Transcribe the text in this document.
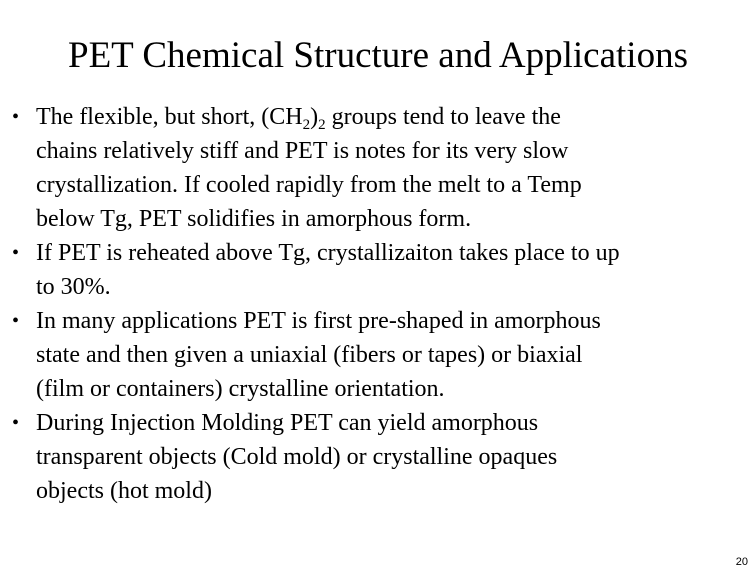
PET Chemical Structure and Applications
• The flexible, but short, $(CH_2)_2$ groups tend to leave the
chains relatively stiff and PET is notes for its very slow
crystallization. If cooled rapidly from the melt to a Temp
below Tg, PET solidifies in amorphous form.
• If PET is reheated above Tg, crystallizaiton takes place to up
to 30%.
• In many applications PET is first pre-shaped in amorphous
state and then given a uniaxial (fibers or tapes) or biaxial
(film or containers) crystalline orientation.
• During Injection Molding PET can yield amorphous
transparent objects (Cold mold) or crystalline opaques
objects (hot mold)
20
